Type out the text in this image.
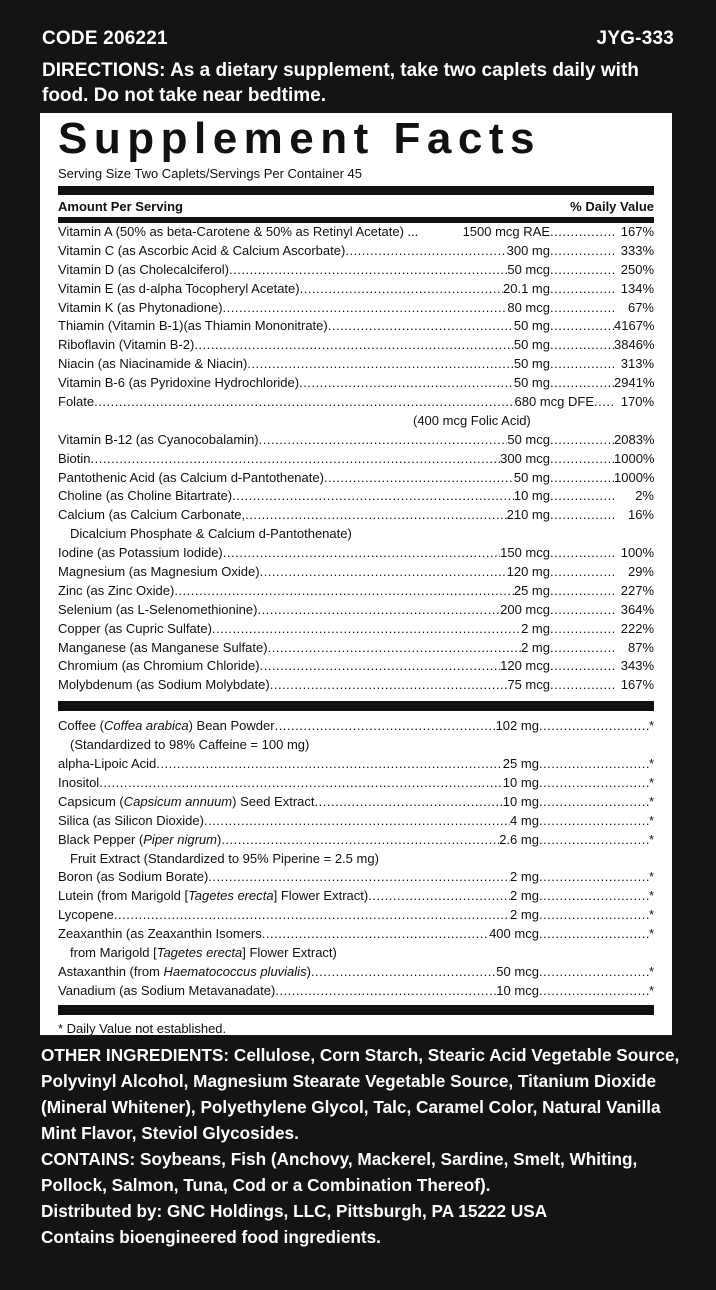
CODE 206221	JYG-333
DIRECTIONS: As a dietary supplement, take two caplets daily with food. Do not take near bedtime.
Supplement Facts
Serving Size Two Caplets/Servings Per Container 45
Amount Per Serving	% Daily Value
Vitamin A (50% as beta-Carotene & 50% as Retinyl Acetate) ...	1500 mcg RAE .....	167%
Vitamin C (as Ascorbic Acid & Calcium Ascorbate) .....	300 mg .....	333%
Vitamin D (as Cholecalciferol) .....	50 mcg .....	250%
Vitamin E (as d-alpha Tocopheryl Acetate) .....	20.1 mg .....	134%
Vitamin K (as Phytonadione) .....	80 mcg .....	67%
Thiamin (Vitamin B-1)(as Thiamin Mononitrate) .....	50 mg .....	4167%
Riboflavin (Vitamin B-2) .....	50 mg .....	3846%
Niacin (as Niacinamide & Niacin) .....	50 mg .....	313%
Vitamin B-6 (as Pyridoxine Hydrochloride) .....	50 mg .....	2941%
Folate .....	680 mcg DFE .....	170%
(400 mcg Folic Acid)
Vitamin B-12 (as Cyanocobalamin) .....	50 mcg .....	2083%
Biotin .....	300 mcg .....	1000%
Pantothenic Acid (as Calcium d-Pantothenate) .....	50 mg .....	1000%
Choline (as Choline Bitartrate) .....	10 mg .....	2%
Calcium (as Calcium Carbonate, .....	210 mg .....	16%
Dicalcium Phosphate & Calcium d-Pantothenate)
Iodine (as Potassium Iodide) .....	150 mcg .....	100%
Magnesium (as Magnesium Oxide) .....	120 mg .....	29%
Zinc (as Zinc Oxide) .....	25 mg .....	227%
Selenium (as L-Selenomethionine) .....	200 mcg .....	364%
Copper (as Cupric Sulfate) .....	2 mg .....	222%
Manganese (as Manganese Sulfate) .....	2 mg .....	87%
Chromium (as Chromium Chloride) .....	120 mcg .....	343%
Molybdenum (as Sodium Molybdate) .....	75 mcg .....	167%
Coffee (Coffea arabica) Bean Powder .....	102 mg .....	*
(Standardized to 98% Caffeine = 100 mg)
alpha-Lipoic Acid .....	25 mg .....	*
Inositol .....	10 mg .....	*
Capsicum (Capsicum annuum) Seed Extract .....	10 mg .....	*
Silica (as Silicon Dioxide) .....	4 mg .....	*
Black Pepper (Piper nigrum) .....	2.6 mg .....	*
Fruit Extract (Standardized to 95% Piperine = 2.5 mg)
Boron (as Sodium Borate) .....	2 mg .....	*
Lutein (from Marigold [Tagetes erecta] Flower Extract) .....	2 mg .....	*
Lycopene .....	2 mg .....	*
Zeaxanthin (as Zeaxanthin Isomers .....	400 mcg .....	*
from Marigold [Tagetes erecta] Flower Extract)
Astaxanthin (from Haematococcus pluvialis) .....	50 mcg .....	*
Vanadium (as Sodium Metavanadate) .....	10 mcg .....	*
* Daily Value not established.

OTHER INGREDIENTS: Cellulose, Corn Starch, Stearic Acid Vegetable Source, Polyvinyl Alcohol, Magnesium Stearate Vegetable Source, Titanium Dioxide (Mineral Whitener), Polyethylene Glycol, Talc, Caramel Color, Natural Vanilla Mint Flavor, Steviol Glycosides.

CONTAINS: Soybeans, Fish (Anchovy, Mackerel, Sardine, Smelt, Whiting, Pollock, Salmon, Tuna, Cod or a Combination Thereof).

Distributed by: GNC Holdings, LLC, Pittsburgh, PA 15222 USA

Contains bioengineered food ingredients.
